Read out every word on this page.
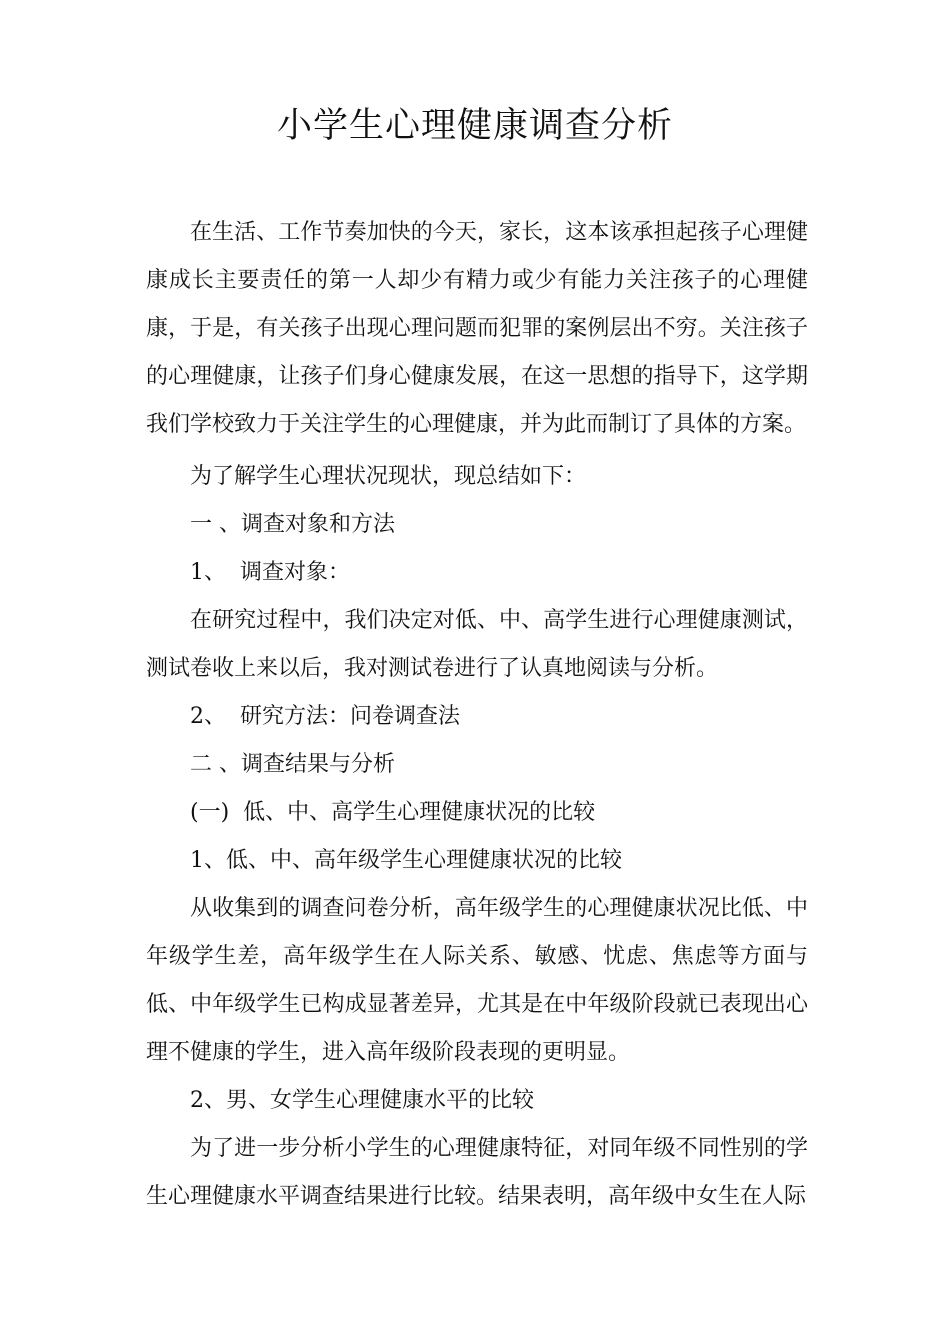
小学生心理健康调查分析

在生活、工作节奏加快的今天，家长，这本该承担起孩子心理健康成长主要责任的第一人却少有精力或少有能力关注孩子的心理健康，于是，有关孩子出现心理问题而犯罪的案例层出不穷。关注孩子的心理健康，让孩子们身心健康发展，在这一思想的指导下，这学期我们学校致力于关注学生的心理健康，并为此而制订了具体的方案。

为了解学生心理状况现状，现总结如下：

一 、调查对象和方法

1、  调查对象：

在研究过程中，我们决定对低、中、高学生进行心理健康测试，测试卷收上来以后，我对测试卷进行了认真地阅读与分析。

2、  研究方法：问卷调查法

二 、调查结果与分析

(一)  低、中、高学生心理健康状况的比较

1、低、中、高年级学生心理健康状况的比较

从收集到的调查问卷分析，高年级学生的心理健康状况比低、中年级学生差，高年级学生在人际关系、敏感、忧虑、焦虑等方面与低、中年级学生已构成显著差异，尤其是在中年级阶段就已表现出心理不健康的学生，进入高年级阶段表现的更明显。

2、男、女学生心理健康水平的比较

为了进一步分析小学生的心理健康特征，对同年级不同性别的学生心理健康水平调查结果进行比较。结果表明，高年级中女生在人际
